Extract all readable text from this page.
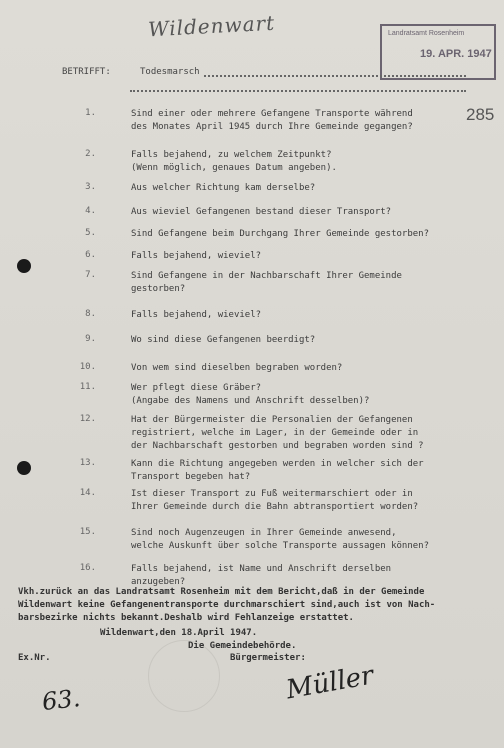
Wildenwart	Landratsamt Rosenheim
19. APR. 1947
BETRIFFT:	Todesmarsch
285
1.	Sind einer oder mehrere Gefangene Transporte während
des Monates April 1945 durch Ihre Gemeinde gegangen?
2.	Falls bejahend, zu welchem Zeitpunkt?
(Wenn möglich, genaues Datum angeben).
3.	Aus welcher Richtung kam derselbe?
4.	Aus wieviel Gefangenen bestand dieser Transport?
5.	Sind Gefangene beim Durchgang Ihrer Gemeinde gestorben?
6.	Falls bejahend, wieviel?
7.	Sind Gefangene in der Nachbarschaft Ihrer Gemeinde
gestorben?
8.	Falls bejahend, wieviel?
9.	Wo sind diese Gefangenen beerdigt?
10.	Von wem sind dieselben begraben worden?
11.	Wer pflegt diese Gräber?
(Angabe des Namens und Anschrift desselben)?
12.	Hat der Bürgermeister die Personalien der Gefangenen
registriert, welche im Lager, in der Gemeinde oder in
der Nachbarschaft gestorben und begraben worden sind ?
13.	Kann die Richtung angegeben werden in welcher sich der
Transport begeben hat?
14.	Ist dieser Transport zu Fuß weitermarschiert oder in
Ihrer Gemeinde durch die Bahn abtransportiert worden?
15.	Sind noch Augenzeugen in Ihrer Gemeinde anwesend,
welche Auskunft über solche Transporte aussagen können?
16.	Falls bejahend, ist Name und Anschrift derselben
anzugeben?
Vkh.zurück an das Landratsamt Rosenheim mit dem Bericht,daß in der Gemeinde
Wildenwart keine Gefangenentransporte durchmarschiert sind,auch ist von Nach-
barsbezirke nichts bekannt.Deshalb wird Fehlanzeige erstattet.
Wildenwart,den 18.April 1947.
Die Gemeindebehörde.
Bürgermeister:
Ex.Nr.
63.	Müller
